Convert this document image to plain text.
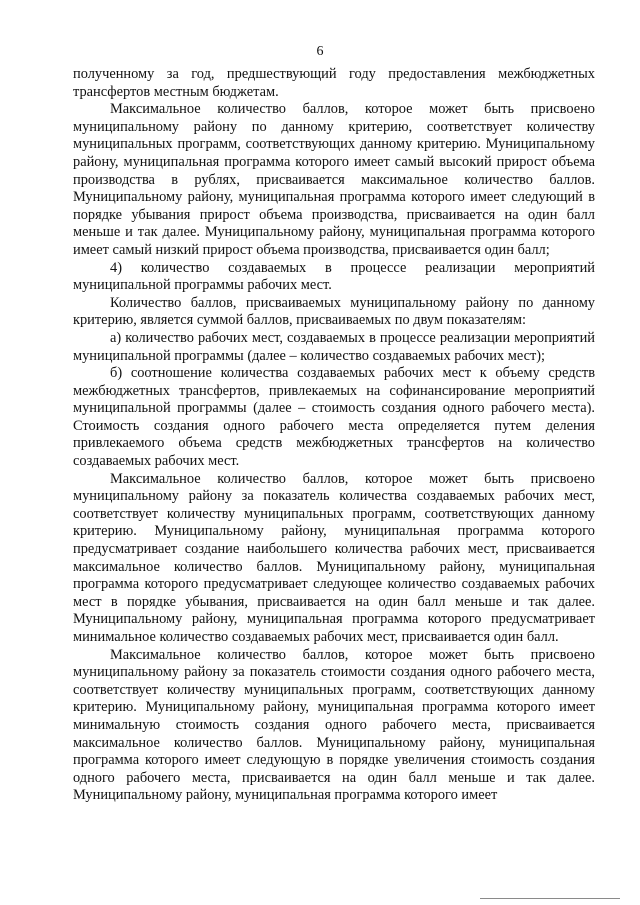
6

полученному за год, предшествующий году предоставления межбюджетных трансфертов местным бюджетам.

Максимальное количество баллов, которое может быть присвоено муниципальному району по данному критерию, соответствует количеству муниципальных программ, соответствующих данному критерию. Муниципальному району, муниципальная программа которого имеет самый высокий прирост объема производства в рублях, присваивается максимальное количество баллов. Муниципальному району, муниципальная программа которого имеет следующий в порядке убывания прирост объема производства, присваивается на один балл меньше и так далее. Муниципальному району, муниципальная программа которого имеет самый низкий прирост объема производства, присваивается один балл;

4) количество создаваемых в процессе реализации мероприятий муниципальной программы рабочих мест.

Количество баллов, присваиваемых муниципальному району по данному критерию, является суммой баллов, присваиваемых по двум показателям:

а) количество рабочих мест, создаваемых в процессе реализации мероприятий муниципальной программы (далее – количество создаваемых рабочих мест);

б) соотношение количества создаваемых рабочих мест к объему средств межбюджетных трансфертов, привлекаемых на софинансирование мероприятий муниципальной программы (далее – стоимость создания одного рабочего места). Стоимость создания одного рабочего места определяется путем деления привлекаемого объема средств межбюджетных трансфертов на количество создаваемых рабочих мест.

Максимальное количество баллов, которое может быть присвоено муниципальному району за показатель количества создаваемых рабочих мест, соответствует количеству муниципальных программ, соответствующих данному критерию. Муниципальному району, муниципальная программа которого предусматривает создание наибольшего количества рабочих мест, присваивается максимальное количество баллов. Муниципальному району, муниципальная программа которого предусматривает следующее количество создаваемых рабочих мест в порядке убывания, присваивается на один балл меньше и так далее. Муниципальному району, муниципальная программа которого предусматривает минимальное количество создаваемых рабочих мест, присваивается один балл.

Максимальное количество баллов, которое может быть присвоено муниципальному району за показатель стоимости создания одного рабочего места, соответствует количеству муниципальных программ, соответствующих данному критерию. Муниципальному району, муниципальная программа которого имеет минимальную стоимость создания одного рабочего места, присваивается максимальное количество баллов. Муниципальному району, муниципальная программа которого имеет следующую в порядке увеличения стоимость создания одного рабочего места, присваивается на один балл меньше и так далее. Муниципальному району, муниципальная программа которого имеет
